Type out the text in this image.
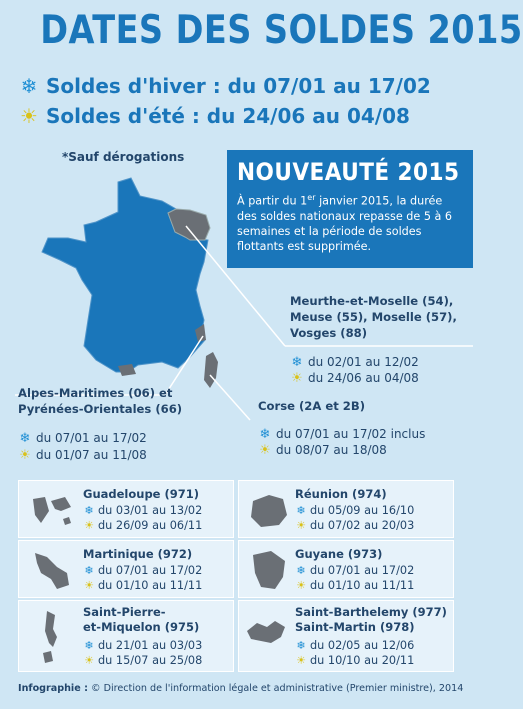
DATES DES SOLDES 2015
❄ Soldes d'hiver : du 07/01 au 17/02
☀ Soldes d'été : du 24/06 au 04/08
*Sauf dérogations
NOUVEAUTÉ 2015
À partir du 1er janvier 2015, la durée des soldes nationaux repasse de 5 à 6 semaines et la période de soldes flottants est supprimée.
Meurthe-et-Moselle (54),
Meuse (55), Moselle (57),
Vosges (88)
❄ du 02/01 au 12/02
☀ du 24/06 au 04/08
Alpes-Maritimes (06) et
Pyrénées-Orientales (66)
❄ du 07/01 au 17/02
☀ du 01/07 au 11/08
Corse (2A et 2B)
❄ du 07/01 au 17/02 inclus
☀ du 08/07 au 18/08
Guadeloupe (971)
❄ du 03/01 au 13/02
☀ du 26/09 au 06/11
Réunion (974)
❄ du 05/09 au 16/10
☀ du 07/02 au 20/03
Martinique (972)
❄ du 07/01 au 17/02
☀ du 01/10 au 11/11
Guyane (973)
❄ du 07/01 au 17/02
☀ du 01/10 au 11/11
Saint-Pierre-
et-Miquelon (975)
❄ du 21/01 au 03/03
☀ du 15/07 au 25/08
Saint-Barthelemy (977)
Saint-Martin (978)
❄ du 02/05 au 12/06
☀ du 10/10 au 20/11
Infographie : © Direction de l'information légale et administrative (Premier ministre), 2014
